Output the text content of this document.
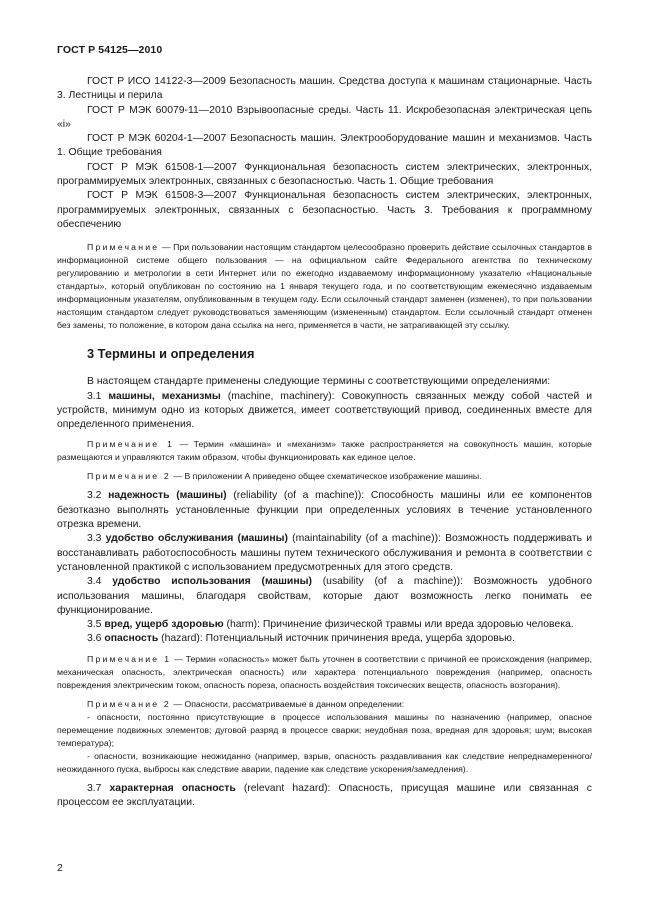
ГОСТ Р 54125—2010

ГОСТ Р ИСО 14122-3—2009 Безопасность машин. Средства доступа к машинам стационарные. Часть 3. Лестницы и перила

ГОСТ Р МЭК 60079-11—2010 Взрывоопасные среды. Часть 11. Искробезопасная электрическая цепь «i»

ГОСТ Р МЭК 60204-1—2007 Безопасность машин. Электрооборудование машин и механизмов. Часть 1. Общие требования

ГОСТ Р МЭК 61508-1—2007 Функциональная безопасность систем электрических, электронных, программируемых электронных, связанных с безопасностью. Часть 1. Общие требования

ГОСТ Р МЭК 61508-3—2007 Функциональная безопасность систем электрических, электронных, программируемых электронных, связанных с безопасностью. Часть 3. Требования к программному обеспечению

Примечание — При пользовании настоящим стандартом целесообразно проверить действие ссылочных стандартов в информационной системе общего пользования — на официальном сайте Федерального агентства по техническому регулированию и метрологии в сети Интернет или по ежегодно издаваемому информационному указателю «Национальные стандарты», который опубликован по состоянию на 1 января текущего года, и по соответствующим ежемесячно издаваемым информационным указателям, опубликованным в текущем году. Если ссылочный стандарт заменен (изменен), то при пользовании настоящим стандартом следует руководствоваться заменяющим (измененным) стандартом. Если ссылочный стандарт отменен без замены, то положение, в котором дана ссылка на него, применяется в части, не затрагивающей эту ссылку.

3 Термины и определения

В настоящем стандарте применены следующие термины с соответствующими определениями:

3.1 машины, механизмы (machine, machinery): Совокупность связанных между собой частей и устройств, минимум одно из которых движется, имеет соответствующий привод, соединенных вместе для определенного применения.

Примечание 1 — Термин «машина» и «механизм» также распространяется на совокупность машин, которые размещаются и управляются таким образом, чтобы функционировать как единое целое.

Примечание 2 — В приложении А приведено общее схематическое изображение машины.

3.2 надежность (машины) (reliability (of a machine)): Способность машины или ее компонентов безотказно выполнять установленные функции при определенных условиях в течение установленного отрезка времени.

3.3 удобство обслуживания (машины) (maintainability (of a machine)): Возможность поддерживать и восстанавливать работоспособность машины путем технического обслуживания и ремонта в соответствии с установленной практикой с использованием предусмотренных для этого средств.

3.4 удобство использования (машины) (usability (of a machine)): Возможность удобного использования машины, благодаря свойствам, которые дают возможность легко понимать ее функционирование.

3.5 вред, ущерб здоровью (harm): Причинение физической травмы или вреда здоровью человека.

3.6 опасность (hazard): Потенциальный источник причинения вреда, ущерба здоровью.

Примечание 1 — Термин «опасность» может быть уточнен в соответствии с причиной ее происхождения (например, механическая опасность, электрическая опасность) или характера потенциального повреждения (например, опасность повреждения электрическим током, опасность пореза, опасность воздействия токсических веществ, опасность возгорания).

Примечание 2 — Опасности, рассматриваемые в данном определении:

- опасности, постоянно присутствующие в процессе использования машины по назначению (например, опасное перемещение подвижных элементов; дуговой разряд в процессе сварки; неудобная поза, вредная для здоровья; шум; высокая температура);

- опасности, возникающие неожиданно (например, взрыв, опасность раздавливания как следствие непреднамеренного/неожиданного пуска, выбросы как следствие аварии, падение как следствие ускорения/замедления).

3.7 характерная опасность (relevant hazard): Опасность, присущая машине или связанная с процессом ее эксплуатации.

2
